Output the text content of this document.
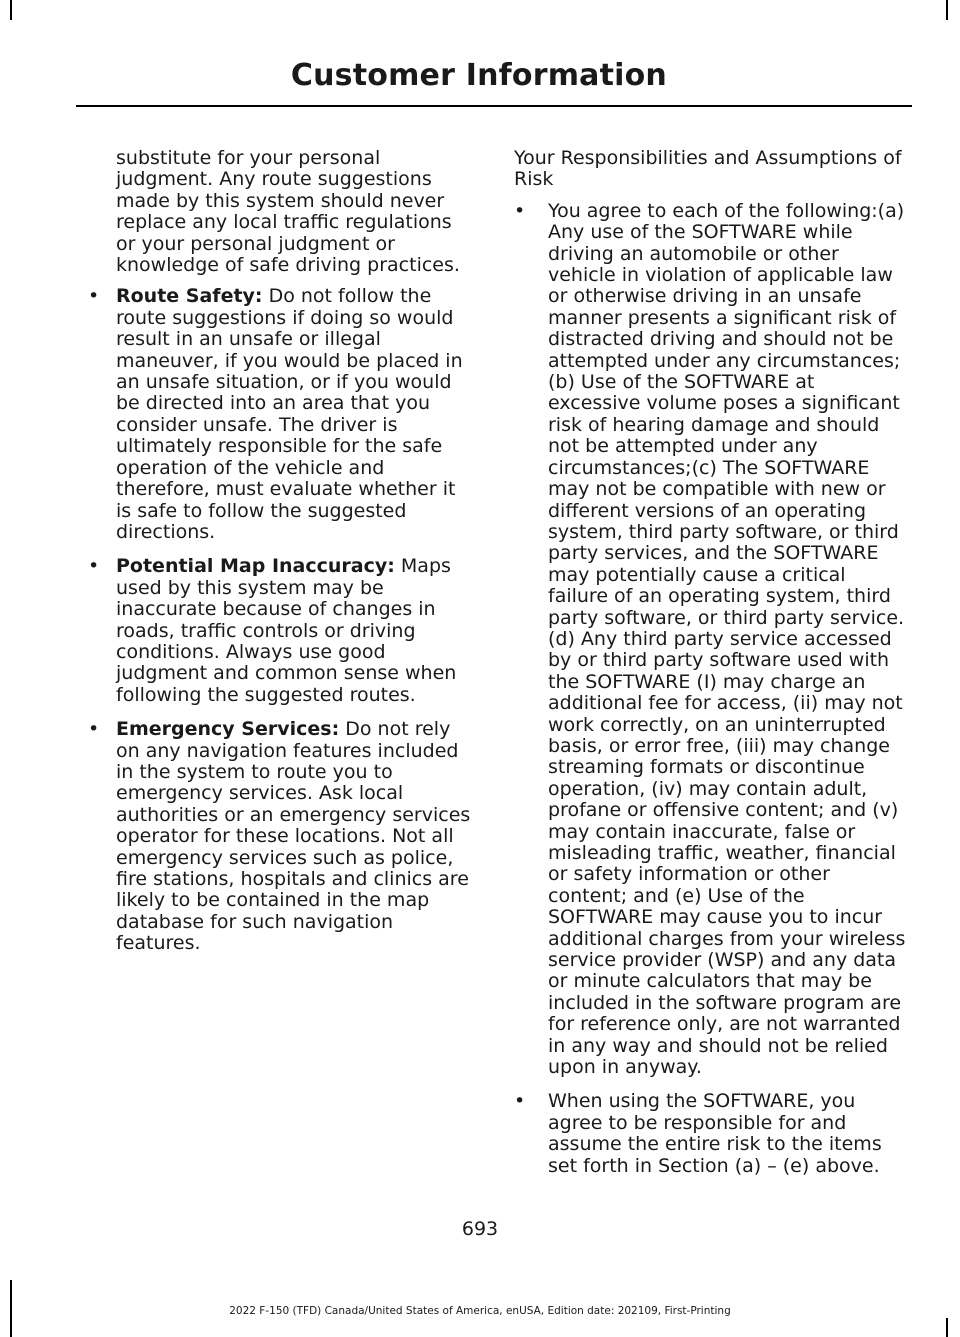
Customer Information

substitute for your personal judgment. Any route suggestions made by this system should never replace any local traffic regulations or your personal judgment or knowledge of safe driving practices.

• Route Safety: Do not follow the route suggestions if doing so would result in an unsafe or illegal maneuver, if you would be placed in an unsafe situation, or if you would be directed into an area that you consider unsafe. The driver is ultimately responsible for the safe operation of the vehicle and therefore, must evaluate whether it is safe to follow the suggested directions.
• Potential Map Inaccuracy: Maps used by this system may be inaccurate because of changes in roads, traffic controls or driving conditions. Always use good judgment and common sense when following the suggested routes.
• Emergency Services: Do not rely on any navigation features included in the system to route you to emergency services. Ask local authorities or an emergency services operator for these locations. Not all emergency services such as police, fire stations, hospitals and clinics are likely to be contained in the map database for such navigation features.

Your Responsibilities and Assumptions of Risk

• You agree to each of the following:(a) Any use of the SOFTWARE while driving an automobile or other vehicle in violation of applicable law or otherwise driving in an unsafe manner presents a significant risk of distracted driving and should not be attempted under any circumstances;(b) Use of the SOFTWARE at excessive volume poses a significant risk of hearing damage and should not be attempted under any circumstances;(c) The SOFTWARE may not be compatible with new or different versions of an operating system, third party software, or third party services, and the SOFTWARE may potentially cause a critical failure of an operating system, third party software, or third party service.(d) Any third party service accessed by or third party software used with the SOFTWARE (I) may charge an additional fee for access, (ii) may not work correctly, on an uninterrupted basis, or error free, (iii) may change streaming formats or discontinue operation, (iv) may contain adult, profane or offensive content; and (v) may contain inaccurate, false or misleading traffic, weather, financial or safety information or other content; and (e) Use of the SOFTWARE may cause you to incur additional charges from your wireless service provider (WSP) and any data or minute calculators that may be included in the software program are for reference only, are not warranted in any way and should not be relied upon in anyway.
• When using the SOFTWARE, you agree to be responsible for and assume the entire risk to the items set forth in Section (a) – (e) above.
693
2022 F-150 (TFD) Canada/United States of America, enUSA, Edition date: 202109, First-Printing
